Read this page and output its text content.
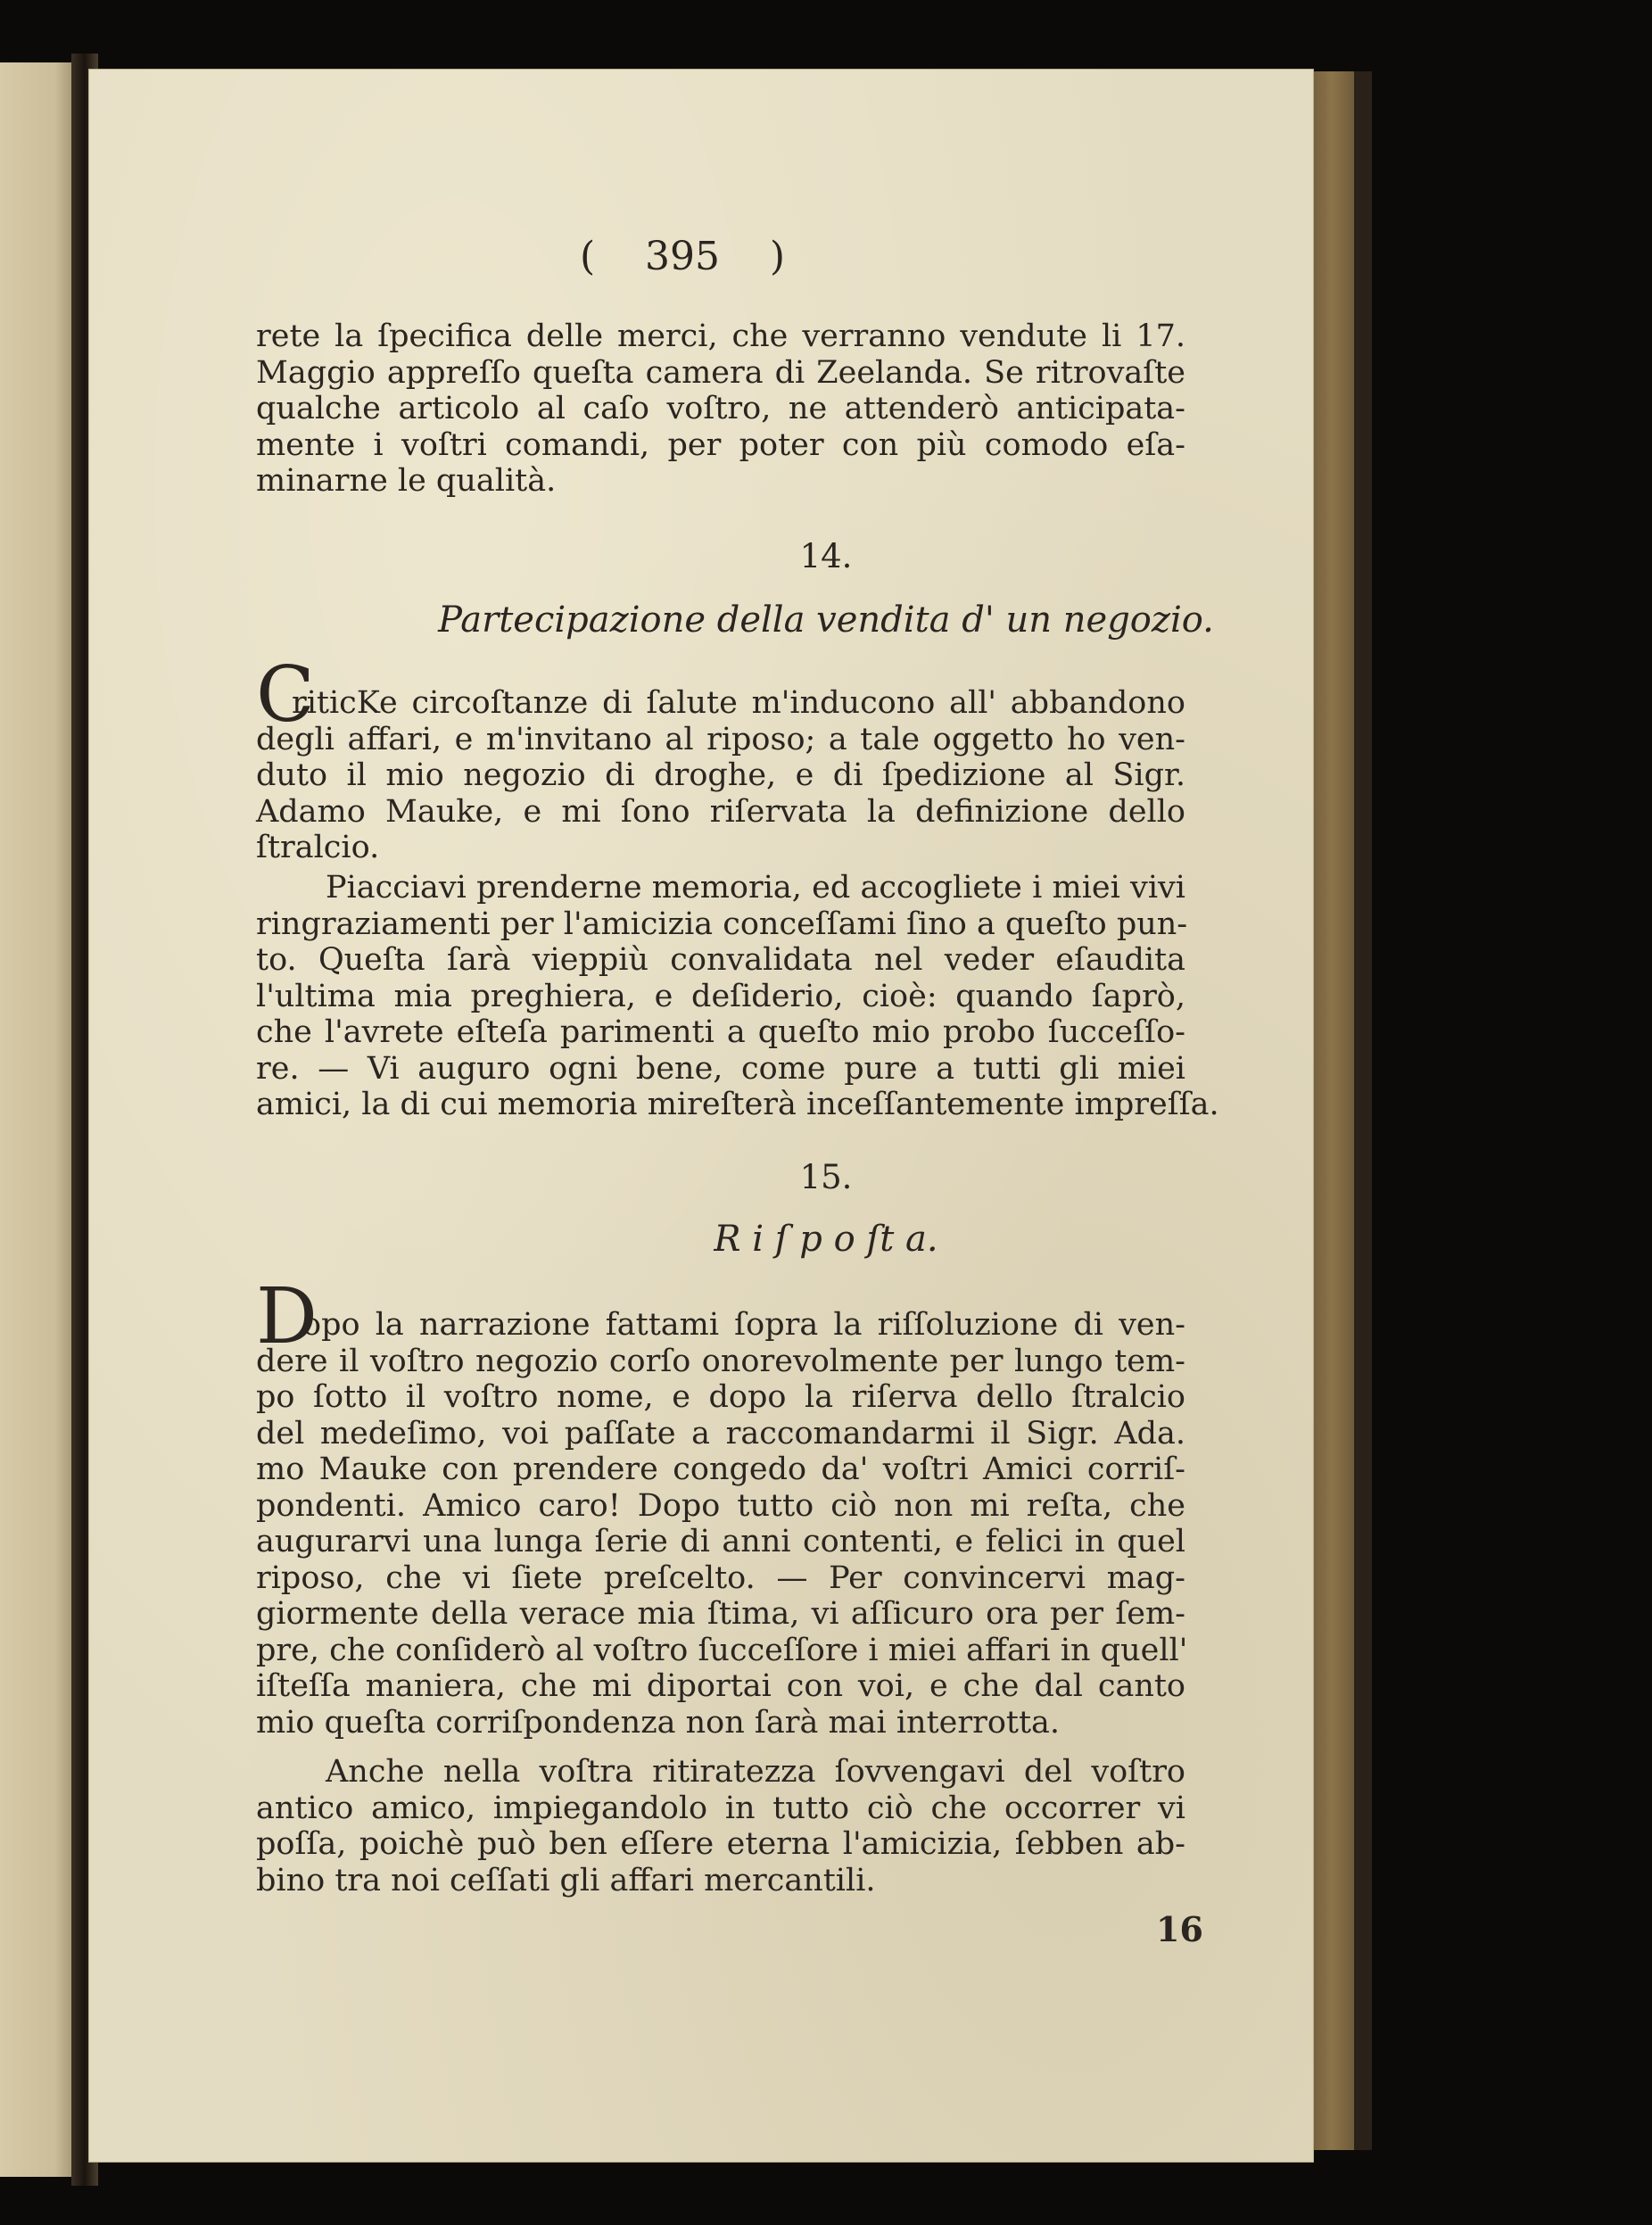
( 395 )
rete la ſpecifica delle merci, che verranno vendute li 17.
Maggio appreſſo queſta camera di Zeelanda. Se ritrovaſte
qualche articolo al caſo voſtro, ne attenderò anticipata-
mente i voſtri comandi, per poter con più comodo eſa-
minarne le qualità.
14.
Partecipazione della vendita d' un negozio.
C
riticKe circoſtanze di ſalute m'inducono all' abbandono
degli affari, e m'invitano al riposo; a tale oggetto ho ven-
duto il mio negozio di droghe, e di ſpedizione al Sigr.
Adamo Mauke, e mi ſono riſervata la definizione dello
ſtralcio.
Piacciavi prenderne memoria, ed accogliete i miei vivi
ringraziamenti per l'amicizia conceſſami ſino a queſto pun-
to. Queſta ſarà vieppiù convalidata nel veder eſaudita
l'ultima mia preghiera, e deſiderio, cioè: quando ſaprò,
che l'avrete eſteſa parimenti a queſto mio probo ſucceſſo-
re. — Vi auguro ogni bene, come pure a tutti gli miei
amici, la di cui memoria mireſterà inceſſantemente impreſſa.
15.
R i ſ p o ſt a.
D
opo la narrazione fattami ſopra la riſſoluzione di ven-
dere il voſtro negozio corſo onorevolmente per lungo tem-
po ſotto il voſtro nome, e dopo la riſerva dello ſtralcio
del medeſimo, voi paſſate a raccomandarmi il Sigr. Ada.
mo Mauke con prendere congedo da' voſtri Amici corriſ-
pondenti. Amico caro! Dopo tutto ciò non mi reſta, che
augurarvi una lunga ſerie di anni contenti, e felici in quel
riposo, che vi ſiete preſcelto. — Per convincervi mag-
giormente della verace mia ſtima, vi aſſicuro ora per ſem-
pre, che conſiderò al voſtro ſucceſſore i miei affari in quell'
iſteſſa maniera, che mi diportai con voi, e che dal canto
mio queſta corriſpondenza non ſarà mai interrotta.
Anche nella voſtra ritiratezza ſovvengavi del voſtro
antico amico, impiegandolo in tutto ciò che occorrer vi
poſſa, poichè può ben eſſere eterna l'amicizia, ſebben ab-
bino tra noi ceſſati gli affari mercantili.
16
